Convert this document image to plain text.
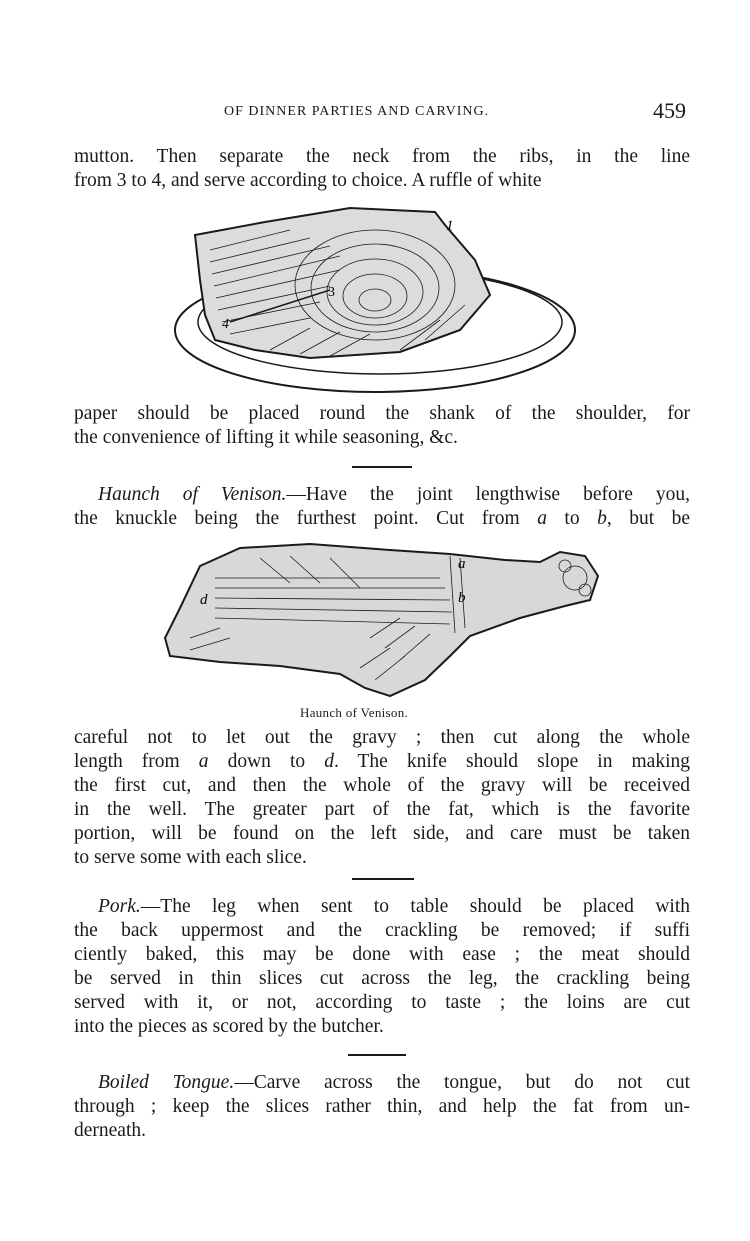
OF DINNER PARTIES AND CARVING.	459

mutton. Then separate the neck from the ribs, in the line
from 3 to 4, and serve according to choice. A ruffle of white

1
3
4

paper should be placed round the shank of the shoulder, for
the convenience of lifting it while seasoning, &c.

Haunch of Venison.—Have the joint lengthwise before you,
the knuckle being the furthest point. Cut from a to b, but be

a
b
d
Haunch of Venison.

careful not to let out the gravy ; then cut along the whole
length from a down to d. The knife should slope in making
the first cut, and then the whole of the gravy will be received
in the well. The greater part of the fat, which is the favorite
portion, will be found on the left side, and care must be taken
to serve some with each slice.

Pork.—The leg when sent to table should be placed with
the back uppermost and the crackling be removed; if suffi
ciently baked, this may be done with ease ; the meat should
be served in thin slices cut across the leg, the crackling being
served with it, or not, according to taste ; the loins are cut
into the pieces as scored by the butcher.

Boiled Tongue.—Carve across the tongue, but do not cut
through ; keep the slices rather thin, and help the fat from un-
derneath.
